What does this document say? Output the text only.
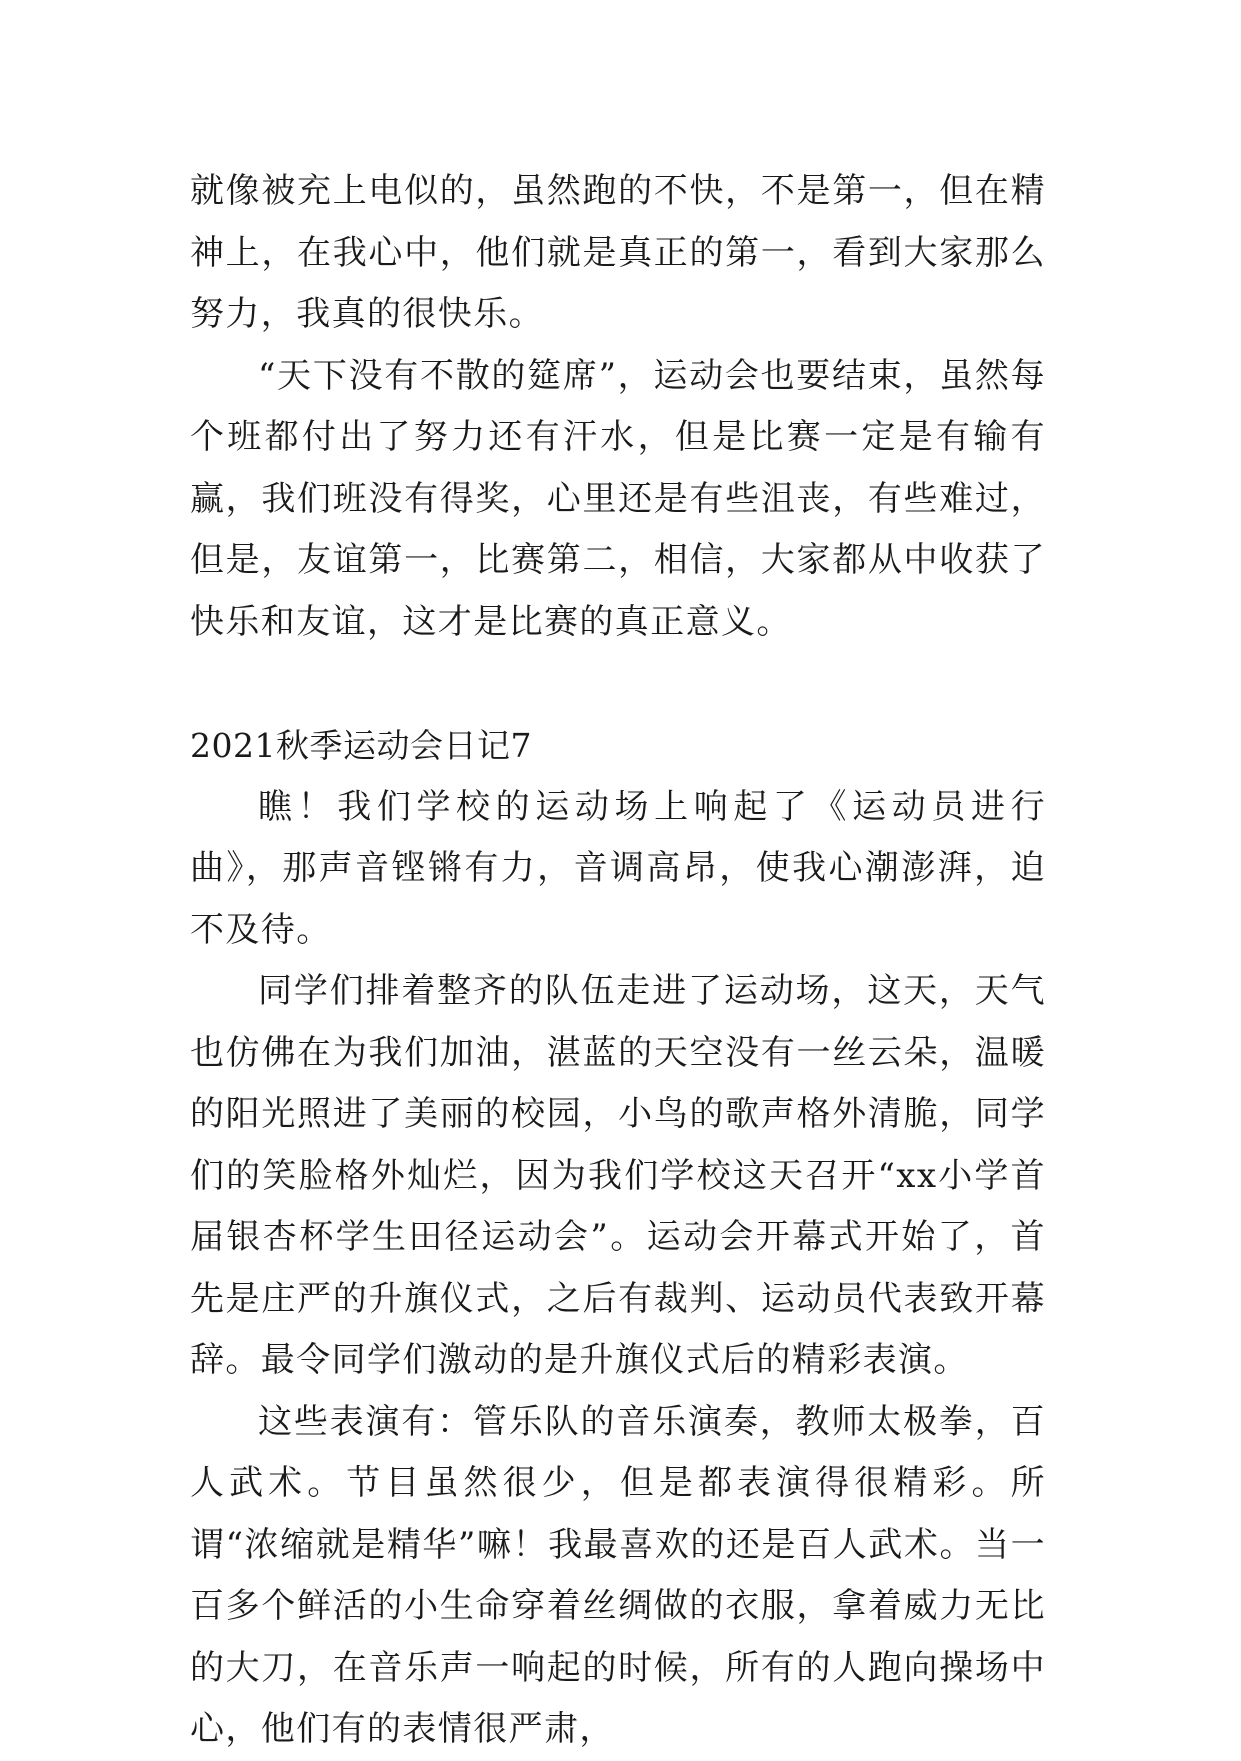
就像被充上电似的，虽然跑的不快，不是第一，但在精神上，在我心中，他们就是真正的第一，看到大家那么努力，我真的很快乐。

“天下没有不散的筵席”，运动会也要结束，虽然每个班都付出了努力还有汗水，但是比赛一定是有输有赢，我们班没有得奖，心里还是有些沮丧，有些难过，但是，友谊第一，比赛第二，相信，大家都从中收获了快乐和友谊，这才是比赛的真正意义。

2021秋季运动会日记7

瞧！我们学校的运动场上响起了《运动员进行曲》，那声音铿锵有力，音调高昂，使我心潮澎湃，迫不及待。

同学们排着整齐的队伍走进了运动场，这天，天气也仿佛在为我们加油，湛蓝的天空没有一丝云朵，温暖的阳光照进了美丽的校园，小鸟的歌声格外清脆，同学们的笑脸格外灿烂，因为我们学校这天召开“xx小学首届银杏杯学生田径运动会”。运动会开幕式开始了，首先是庄严的升旗仪式，之后有裁判、运动员代表致开幕辞。最令同学们激动的是升旗仪式后的精彩表演。

这些表演有：管乐队的音乐演奏，教师太极拳，百人武术。节目虽然很少，但是都表演得很精彩。所谓“浓缩就是精华”嘛！我最喜欢的还是百人武术。当一百多个鲜活的小生命穿着丝绸做的衣服，拿着威力无比的大刀，在音乐声一响起的时候，所有的人跑向操场中心，他们有的表情很严肃，
